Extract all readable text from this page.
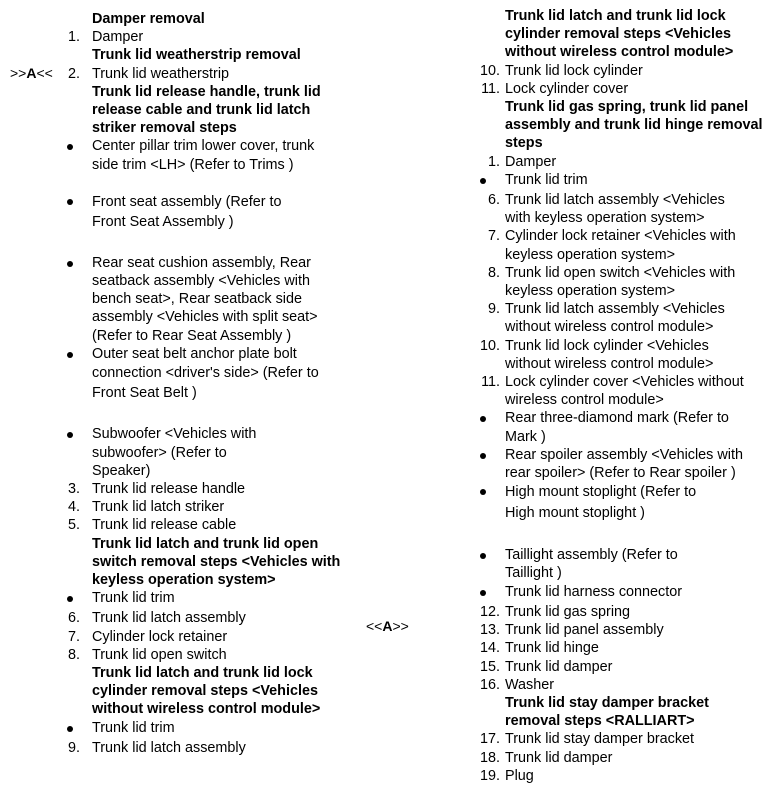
Damper removal
1. Damper
Trunk lid weatherstrip removal
2. Trunk lid weatherstrip
Trunk lid release handle, trunk lid release cable and trunk lid latch striker removal steps
Center pillar trim lower cover, trunk side trim <LH> (Refer to Trims )
Front seat assembly (Refer to Front Seat Assembly )
Rear seat cushion assembly, Rear seatback assembly <Vehicles with bench seat>, Rear seatback side assembly <Vehicles with split seat> (Refer to Rear Seat Assembly )
Outer seat belt anchor plate bolt connection <driver's side> (Refer to Front Seat Belt )
Subwoofer <Vehicles with subwoofer> (Refer to Speaker)
3. Trunk lid release handle
4. Trunk lid latch striker
5. Trunk lid release cable
Trunk lid latch and trunk lid open switch removal steps <Vehicles with keyless operation system>
Trunk lid trim
6. Trunk lid latch assembly
7. Cylinder lock retainer
8. Trunk lid open switch
Trunk lid latch and trunk lid lock cylinder removal steps <Vehicles without wireless control module>
Trunk lid trim
9. Trunk lid latch assembly
>>A<<
<<A>>
Trunk lid latch and trunk lid lock cylinder removal steps <Vehicles without wireless control module>
10. Trunk lid lock cylinder
11. Lock cylinder cover
Trunk lid gas spring, trunk lid panel assembly and trunk lid hinge removal steps
1. Damper
Trunk lid trim
6. Trunk lid latch assembly <Vehicles with keyless operation system>
7. Cylinder lock retainer <Vehicles with keyless operation system>
8. Trunk lid open switch <Vehicles with keyless operation system>
9. Trunk lid latch assembly <Vehicles without wireless control module>
10. Trunk lid lock cylinder <Vehicles without wireless control module>
11. Lock cylinder cover <Vehicles without wireless control module>
Rear three-diamond mark (Refer to Mark )
Rear spoiler assembly <Vehicles with rear spoiler> (Refer to Rear spoiler )
High mount stoplight (Refer to High mount stoplight )
Taillight assembly (Refer to Taillight )
Trunk lid harness connector
12. Trunk lid gas spring
13. Trunk lid panel assembly
14. Trunk lid hinge
15. Trunk lid damper
16. Washer
Trunk lid stay damper bracket removal steps <RALLIART>
17. Trunk lid stay damper bracket
18. Trunk lid damper
19. Plug
